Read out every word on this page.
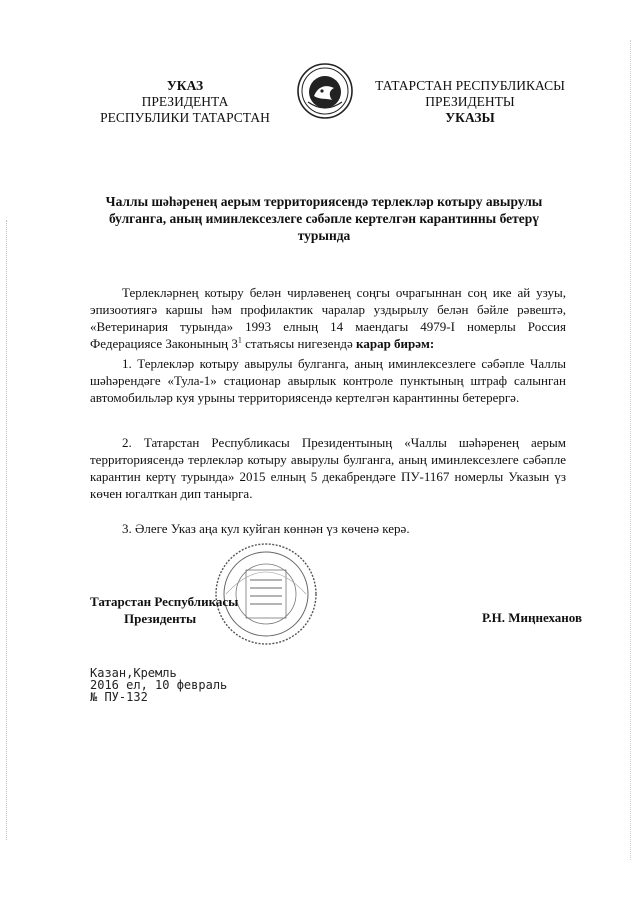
УКАЗ
ПРЕЗИДЕНТА
РЕСПУБЛИКИ ТАТАРСТАН
ТАТАРСТАН РЕСПУБЛИКАСЫ
ПРЕЗИДЕНТЫ
УКАЗЫ
Чаллы шәһәренең аерым территориясендә терлекләр котыру авырулы булганга, аның иминлексезлеге сәбәпле кертелгән карантинны бетерү турында

Терлекләрнең котыру белән чирләвенең соңгы очрагыннан соң ике ай узуы, эпизоотиягә каршы һәм профилактик чаралар уздырылу белән бәйле рәвештә, «Ветеринария турында» 1993 елның 14 маендагы 4979-I номерлы Россия Федерациясе Законының $3^1$ статьясы нигезендә карар бирәм:

1. Терлекләр котыру авырулы булганга, аның иминлексезлеге сәбәпле Чаллы шәһәрендәге «Тула-1» стационар авырлык контроле пунктының штраф салынган автомобильләр куя урыны территориясендә кертелгән карантинны бетерергә.

2. Татарстан Республикасы Президентының «Чаллы шәһәренең аерым территориясендә терлекләр котыру авырулы булганга, аның иминлексезлеге сәбәпле карантин кертү турында» 2015 елның 5 декабрендәге ПУ-1167 номерлы Указын үз көчен югалткан дип танырга.

3. Әлеге Указ аңа кул куйган көннән үз көченә керә.

Татарстан Республикасы
Президенты	Р.Н. Миңнеханов
Казан,Кремль
2016 ел, 10 февраль
№ ПУ-132
